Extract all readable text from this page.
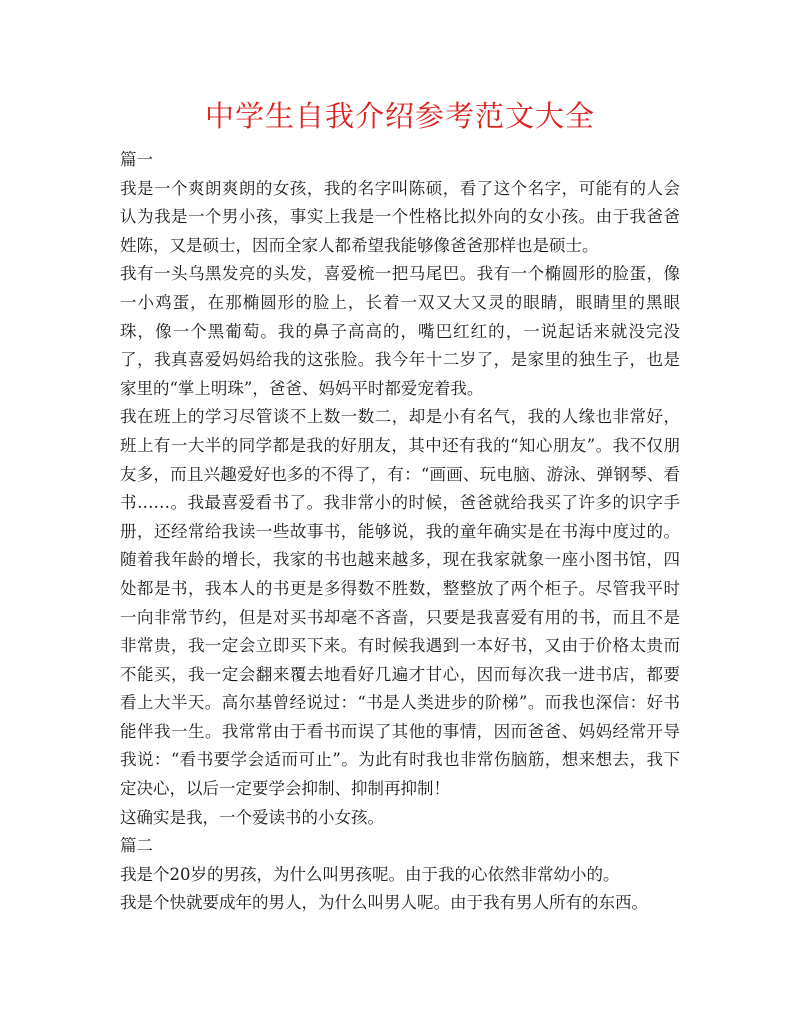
中学生自我介绍参考范文大全
篇一

我是一个爽朗爽朗的女孩，我的名字叫陈硕，看了这个名字，可能有的人会认为我是一个男小孩，事实上我是一个性格比拟外向的女小孩。由于我爸爸姓陈，又是硕士，因而全家人都希望我能够像爸爸那样也是硕士。

我有一头乌黑发亮的头发，喜爱梳一把马尾巴。我有一个椭圆形的脸蛋，像一小鸡蛋，在那椭圆形的脸上，长着一双又大又灵的眼睛，眼睛里的黑眼珠，像一个黑葡萄。我的鼻子高高的，嘴巴红红的，一说起话来就没完没了，我真喜爱妈妈给我的这张脸。我今年十二岁了，是家里的独生子，也是家里的“掌上明珠”，爸爸、妈妈平时都爱宠着我。

我在班上的学习尽管谈不上数一数二，却是小有名气，我的人缘也非常好，班上有一大半的同学都是我的好朋友，其中还有我的“知心朋友”。我不仅朋友多，而且兴趣爱好也多的不得了，有：“画画、玩电脑、游泳、弹钢琴、看书……。我最喜爱看书了。我非常小的时候，爸爸就给我买了许多的识字手册，还经常给我读一些故事书，能够说，我的童年确实是在书海中度过的。随着我年龄的增长，我家的书也越来越多，现在我家就象一座小图书馆，四处都是书，我本人的书更是多得数不胜数，整整放了两个柜子。尽管我平时一向非常节约，但是对买书却毫不吝啬，只要是我喜爱有用的书，而且不是非常贵，我一定会立即买下来。有时候我遇到一本好书，又由于价格太贵而不能买，我一定会翻来覆去地看好几遍才甘心，因而每次我一进书店，都要看上大半天。高尔基曾经说过：“书是人类进步的阶梯”。而我也深信：好书能伴我一生。我常常由于看书而误了其他的事情，因而爸爸、妈妈经常开导我说：“看书要学会适而可止”。为此有时我也非常伤脑筋，想来想去，我下定决心，以后一定要学会抑制、抑制再抑制！

这确实是我，一个爱读书的小女孩。

篇二

我是个20岁的男孩，为什么叫男孩呢。由于我的心依然非常幼小的。

我是个快就要成年的男人，为什么叫男人呢。由于我有男人所有的东西。
